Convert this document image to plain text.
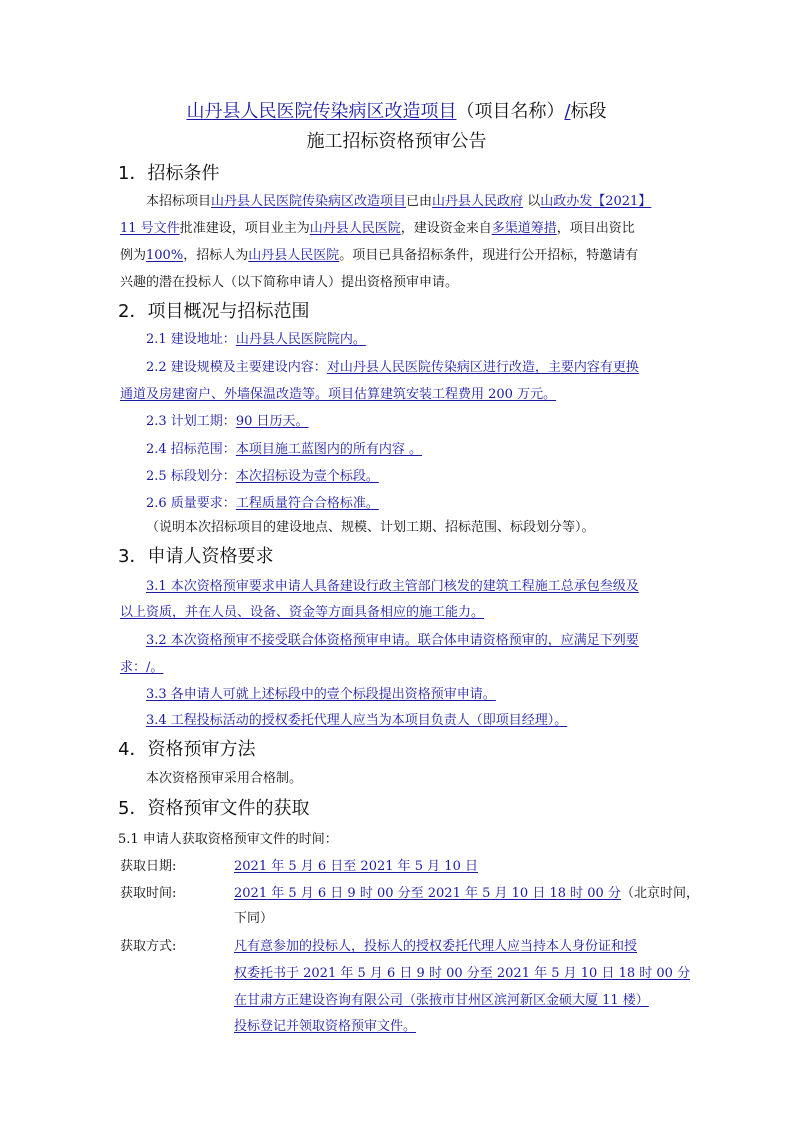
山丹县人民医院传染病区改造项目（项目名称）/标段
施工招标资格预审公告
1．招标条件
本招标项目山丹县人民医院传染病区改造项目已由山丹县人民政府 以山政办发【2021】
11 号文件批准建设，项目业主为山丹县人民医院，建设资金来自多渠道筹措，项目出资比
例为100%，招标人为山丹县人民医院。项目已具备招标条件，现进行公开招标，特邀请有
兴趣的潜在投标人（以下简称申请人）提出资格预审申请。
2．项目概况与招标范围
2.1 建设地址：山丹县人民医院院内。
2.2 建设规模及主要建设内容：对山丹县人民医院传染病区进行改造，主要内容有更换
通道及房建窗户、外墙保温改造等。项目估算建筑安装工程费用 200 万元。
2.3 计划工期：90 日历天。
2.4 招标范围：本项目施工蓝图内的所有内容 。
2.5 标段划分：本次招标设为壹个标段。
2.6 质量要求：工程质量符合合格标准。
（说明本次招标项目的建设地点、规模、计划工期、招标范围、标段划分等）。
3．申请人资格要求
3.1 本次资格预审要求申请人具备建设行政主管部门核发的建筑工程施工总承包叁级及
以上资质，并在人员、设备、资金等方面具备相应的施工能力。
3.2 本次资格预审不接受联合体资格预审申请。联合体申请资格预审的，应满足下列要
求：/。
3.3 各申请人可就上述标段中的壹个标段提出资格预审申请。
3.4 工程投标活动的授权委托代理人应当为本项目负责人（即项目经理）。
4．资格预审方法
本次资格预审采用合格制。
5．资格预审文件的获取
5.1 申请人获取资格预审文件的时间：
获取日期:	2021 年 5 月 6 日至 2021 年 5 月 10 日
获取时间:	2021 年 5 月 6 日 9 时 00 分至 2021 年 5 月 10 日 18 时 00 分（北京时间，
下同）
获取方式:	凡有意参加的投标人，投标人的授权委托代理人应当持本人身份证和授
权委托书于 2021 年 5 月 6 日 9 时 00 分至 2021 年 5 月 10 日 18 时 00 分
在甘肃方正建设咨询有限公司（张掖市甘州区滨河新区金硕大厦 11 楼）
投标登记并领取资格预审文件。
